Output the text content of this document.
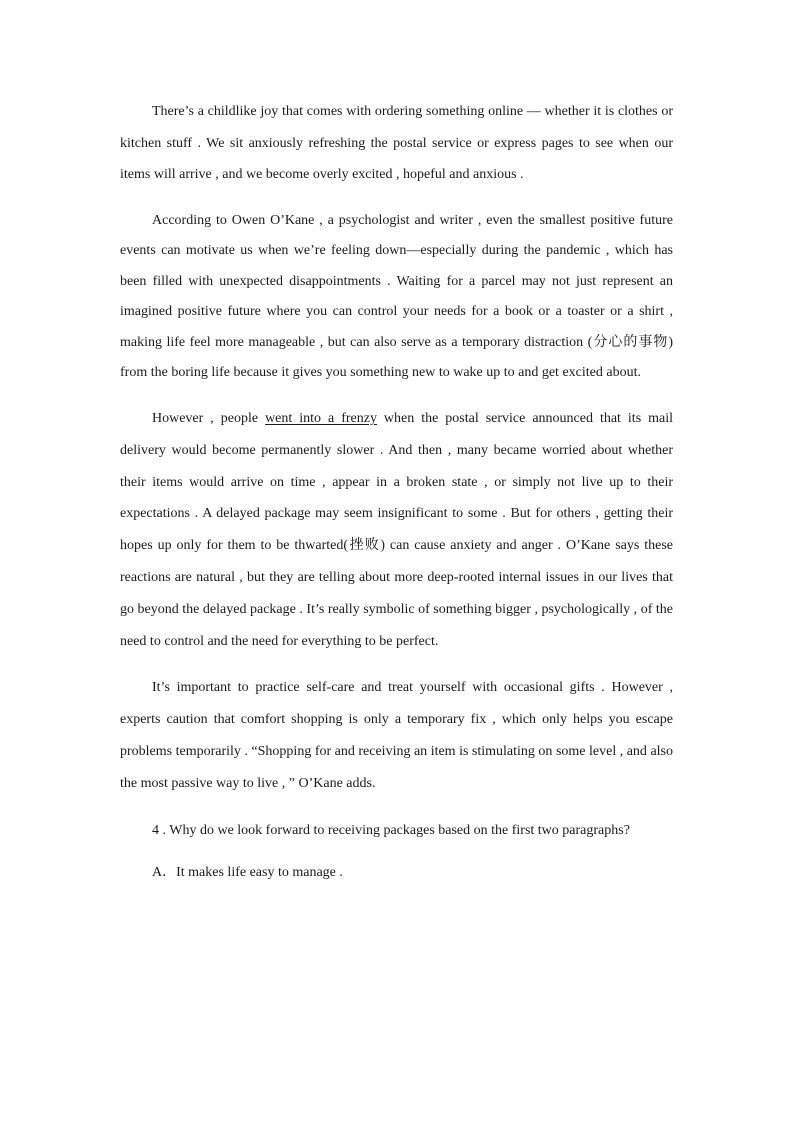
There’s a childlike joy that comes with ordering something online — whether it is clothes or kitchen stuff . We sit anxiously refreshing the postal service or express pages to see when our items will arrive , and we become overly excited , hopeful and anxious .

According to Owen O’Kane , a psychologist and writer , even the smallest positive future events can motivate us when we’re feeling down—especially during the pandemic , which has been filled with unexpected disappointments . Waiting for a parcel may not just represent an imagined positive future where you can control your needs for a book or a toaster or a shirt , making life feel more manageable , but can also serve as a temporary distraction (分心的事物) from the boring life because it gives you something new to wake up to and get excited about.

However , people went into a frenzy when the postal service announced that its mail delivery would become permanently slower . And then , many became worried about whether their items would arrive on time , appear in a broken state , or simply not live up to their expectations . A delayed package may seem insignificant to some . But for others , getting their hopes up only for them to be thwarted(挫败) can cause anxiety and anger . O’Kane says these reactions are natural , but they are telling about more deep-rooted internal issues in our lives that go beyond the delayed package . It’s really symbolic of something bigger , psychologically , of the need to control and the need for everything to be perfect.

It’s important to practice self-care and treat yourself with occasional gifts . However , experts caution that comfort shopping is only a temporary fix , which only helps you escape problems temporarily . “Shopping for and receiving an item is stimulating on some level , and also the most passive way to live , ” O’Kane adds.

4 . Why do we look forward to receiving packages based on the first two paragraphs?

A．It makes life easy to manage .
